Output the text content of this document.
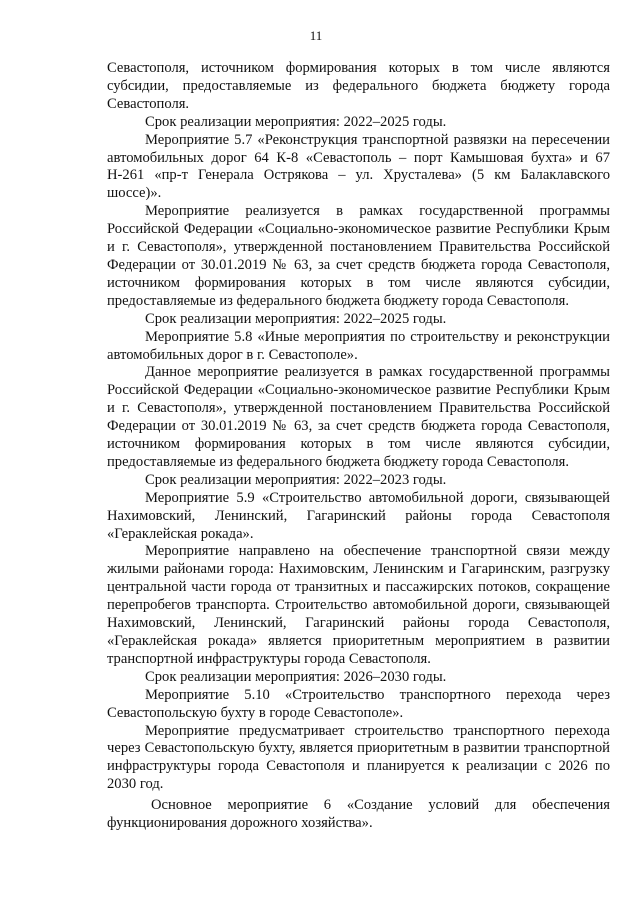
11

Севастополя, источником формирования которых в том числе являются субсидии, предоставляемые из федерального бюджета бюджету города Севастополя.

Срок реализации мероприятия: 2022–2025 годы.

Мероприятие 5.7 «Реконструкция транспортной развязки на пересечении автомобильных дорог 64 К-8 «Севастополь – порт Камышовая бухта» и 67 Н-261 «пр-т Генерала Острякова – ул. Хрусталева» (5 км Балаклавского шоссе)».

Мероприятие реализуется в рамках государственной программы Российской Федерации «Социально-экономическое развитие Республики Крым и г. Севастополя», утвержденной постановлением Правительства Российской Федерации от 30.01.2019 № 63, за счет средств бюджета города Севастополя, источником формирования которых в том числе являются субсидии, предоставляемые из федерального бюджета бюджету города Севастополя.

Срок реализации мероприятия: 2022–2025 годы.

Мероприятие 5.8 «Иные мероприятия по строительству и реконструкции автомобильных дорог в г. Севастополе».

Данное мероприятие реализуется в рамках государственной программы Российской Федерации «Социально-экономическое развитие Республики Крым и г. Севастополя», утвержденной постановлением Правительства Российской Федерации от 30.01.2019 № 63, за счет средств бюджета города Севастополя, источником формирования которых в том числе являются субсидии, предоставляемые из федерального бюджета бюджету города Севастополя.

Срок реализации мероприятия: 2022–2023 годы.

Мероприятие 5.9 «Строительство автомобильной дороги, связывающей Нахимовский, Ленинский, Гагаринский районы города Севастополя «Гераклейская рокада».

Мероприятие направлено на обеспечение транспортной связи между жилыми районами города: Нахимовским, Ленинским и Гагаринским, разгрузку центральной части города от транзитных и пассажирских потоков, сокращение перепробегов транспорта. Строительство автомобильной дороги, связывающей Нахимовский, Ленинский, Гагаринский районы города Севастополя, «Гераклейская рокада» является приоритетным мероприятием в развитии транспортной инфраструктуры города Севастополя.

Срок реализации мероприятия: 2026–2030 годы.

Мероприятие 5.10 «Строительство транспортного перехода через Севастопольскую бухту в городе Севастополе».

Мероприятие предусматривает строительство транспортного перехода через Севастопольскую бухту, является приоритетным в развитии транспортной инфраструктуры города Севастополя и планируется к реализации с 2026 по 2030 год.

Основное мероприятие 6 «Создание условий для обеспечения функционирования дорожного хозяйства».
